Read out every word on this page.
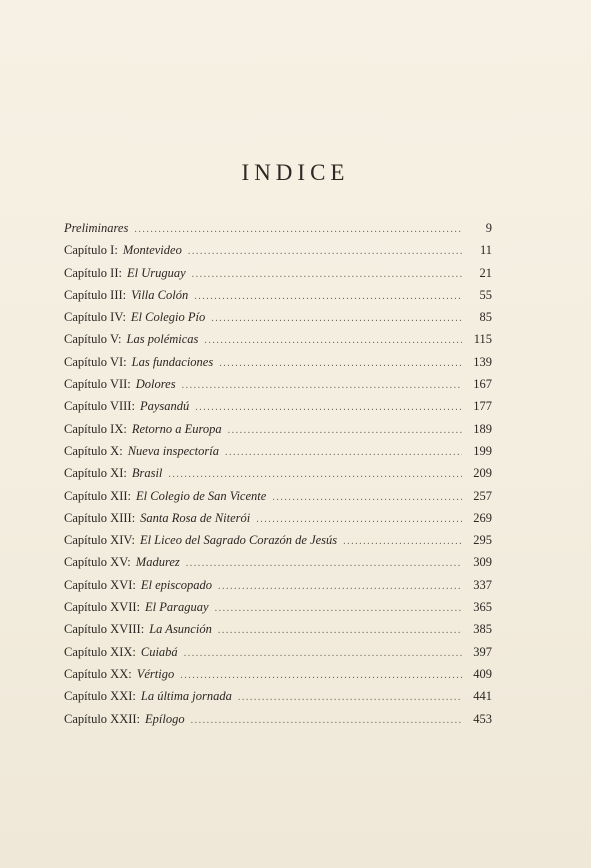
INDICE
Preliminares .....	9
Capítulo I: Montevideo .....	11
Capítulo II: El Uruguay .....	21
Capítulo III: Villa Colón .....	55
Capítulo IV: El Colegio Pío .....	85
Capítulo V: Las polémicas .....	115
Capítulo VI: Las fundaciones .....	139
Capítulo VII: Dolores .....	167
Capítulo VIII: Paysandú .....	177
Capítulo IX: Retorno a Europa .....	189
Capítulo X: Nueva inspectoría .....	199
Capítulo XI: Brasil .....	209
Capítulo XII: El Colegio de San Vicente .....	257
Capítulo XIII: Santa Rosa de Niterói .....	269
Capítulo XIV: El Liceo del Sagrado Corazón de Jesús .....	295
Capítulo XV: Madurez .....	309
Capítulo XVI: El episcopado .....	337
Capítulo XVII: El Paraguay .....	365
Capítulo XVIII: La Asunción .....	385
Capítulo XIX: Cuiabá .....	397
Capítulo XX: Vértigo .....	409
Capítulo XXI: La última jornada .....	441
Capítulo XXII: Epílogo .....	453
